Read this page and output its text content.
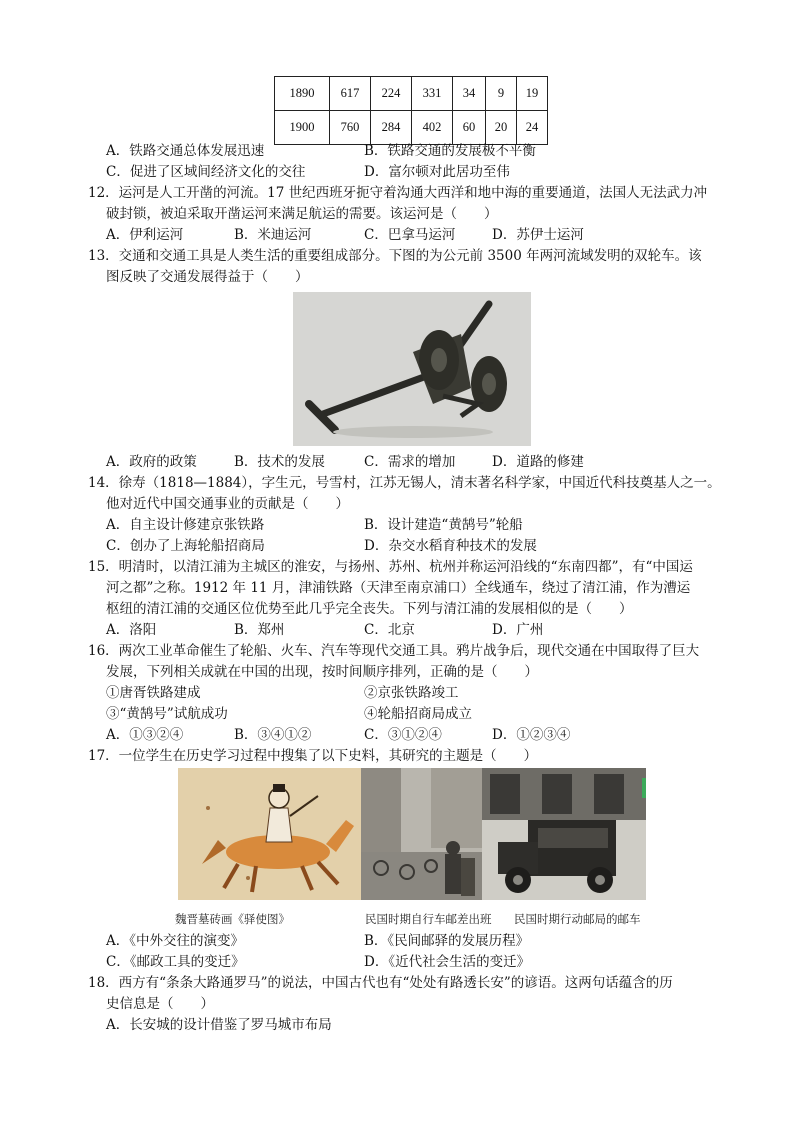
1890	617	224	331	34	9	19
1900	760	284	402	60	20	24
A．铁路交通总体发展迅速	B．铁路交通的发展极不平衡
C．促进了区域间经济文化的交往	D．富尔顿对此居功至伟
12．运河是人工开凿的河流。17 世纪西班牙扼守着沟通大西洋和地中海的重要通道，法国人无法武力冲
破封锁，被迫采取开凿运河来满足航运的需要。该运河是（　　）
A．伊利运河	B．米迪运河	C．巴拿马运河	D．苏伊士运河
13．交通和交通工具是人类生活的重要组成部分。下图的为公元前 3500 年两河流域发明的双轮车。该
图反映了交通发展得益于（　　）
A．政府的政策	B．技术的发展	C．需求的增加	D．道路的修建
14．徐寿（1818—1884），字生元，号雪村，江苏无锡人，清末著名科学家，中国近代科技奠基人之一。
他对近代中国交通事业的贡献是（　　）
A．自主设计修建京张铁路	B．设计建造“黄鹄号”轮船
C．创办了上海轮船招商局	D．杂交水稻育种技术的发展
15．明清时，以清江浦为主城区的淮安，与扬州、苏州、杭州并称运河沿线的“东南四都”，有“中国运
河之都”之称。1912 年 11 月，津浦铁路（天津至南京浦口）全线通车，绕过了清江浦，作为漕运
枢纽的清江浦的交通区位优势至此几乎完全丧失。下列与清江浦的发展相似的是（　　）
A．洛阳	B．郑州	C．北京	D．广州
16．两次工业革命催生了轮船、火车、汽车等现代交通工具。鸦片战争后，现代交通在中国取得了巨大
发展，下列相关成就在中国的出现，按时间顺序排列，正确的是（　　）
①唐胥铁路建成	②京张铁路竣工
③“黄鹄号”试航成功	④轮船招商局成立
A．①③②④	B．③④①②	C．③①②④	D．①②③④
17．一位学生在历史学习过程中搜集了以下史料，其研究的主题是（　　）
魏晋墓砖画《驿使图》	民国时期自行车邮差出班 民国时期行动邮局的邮车
A．《中外交往的演变》	B．《民间邮驿的发展历程》
C．《邮政工具的变迁》	D．《近代社会生活的变迁》
18．西方有“条条大路通罗马”的说法，中国古代也有“处处有路透长安”的谚语。这两句话蕴含的历
史信息是（　　）
A．长安城的设计借鉴了罗马城市布局
